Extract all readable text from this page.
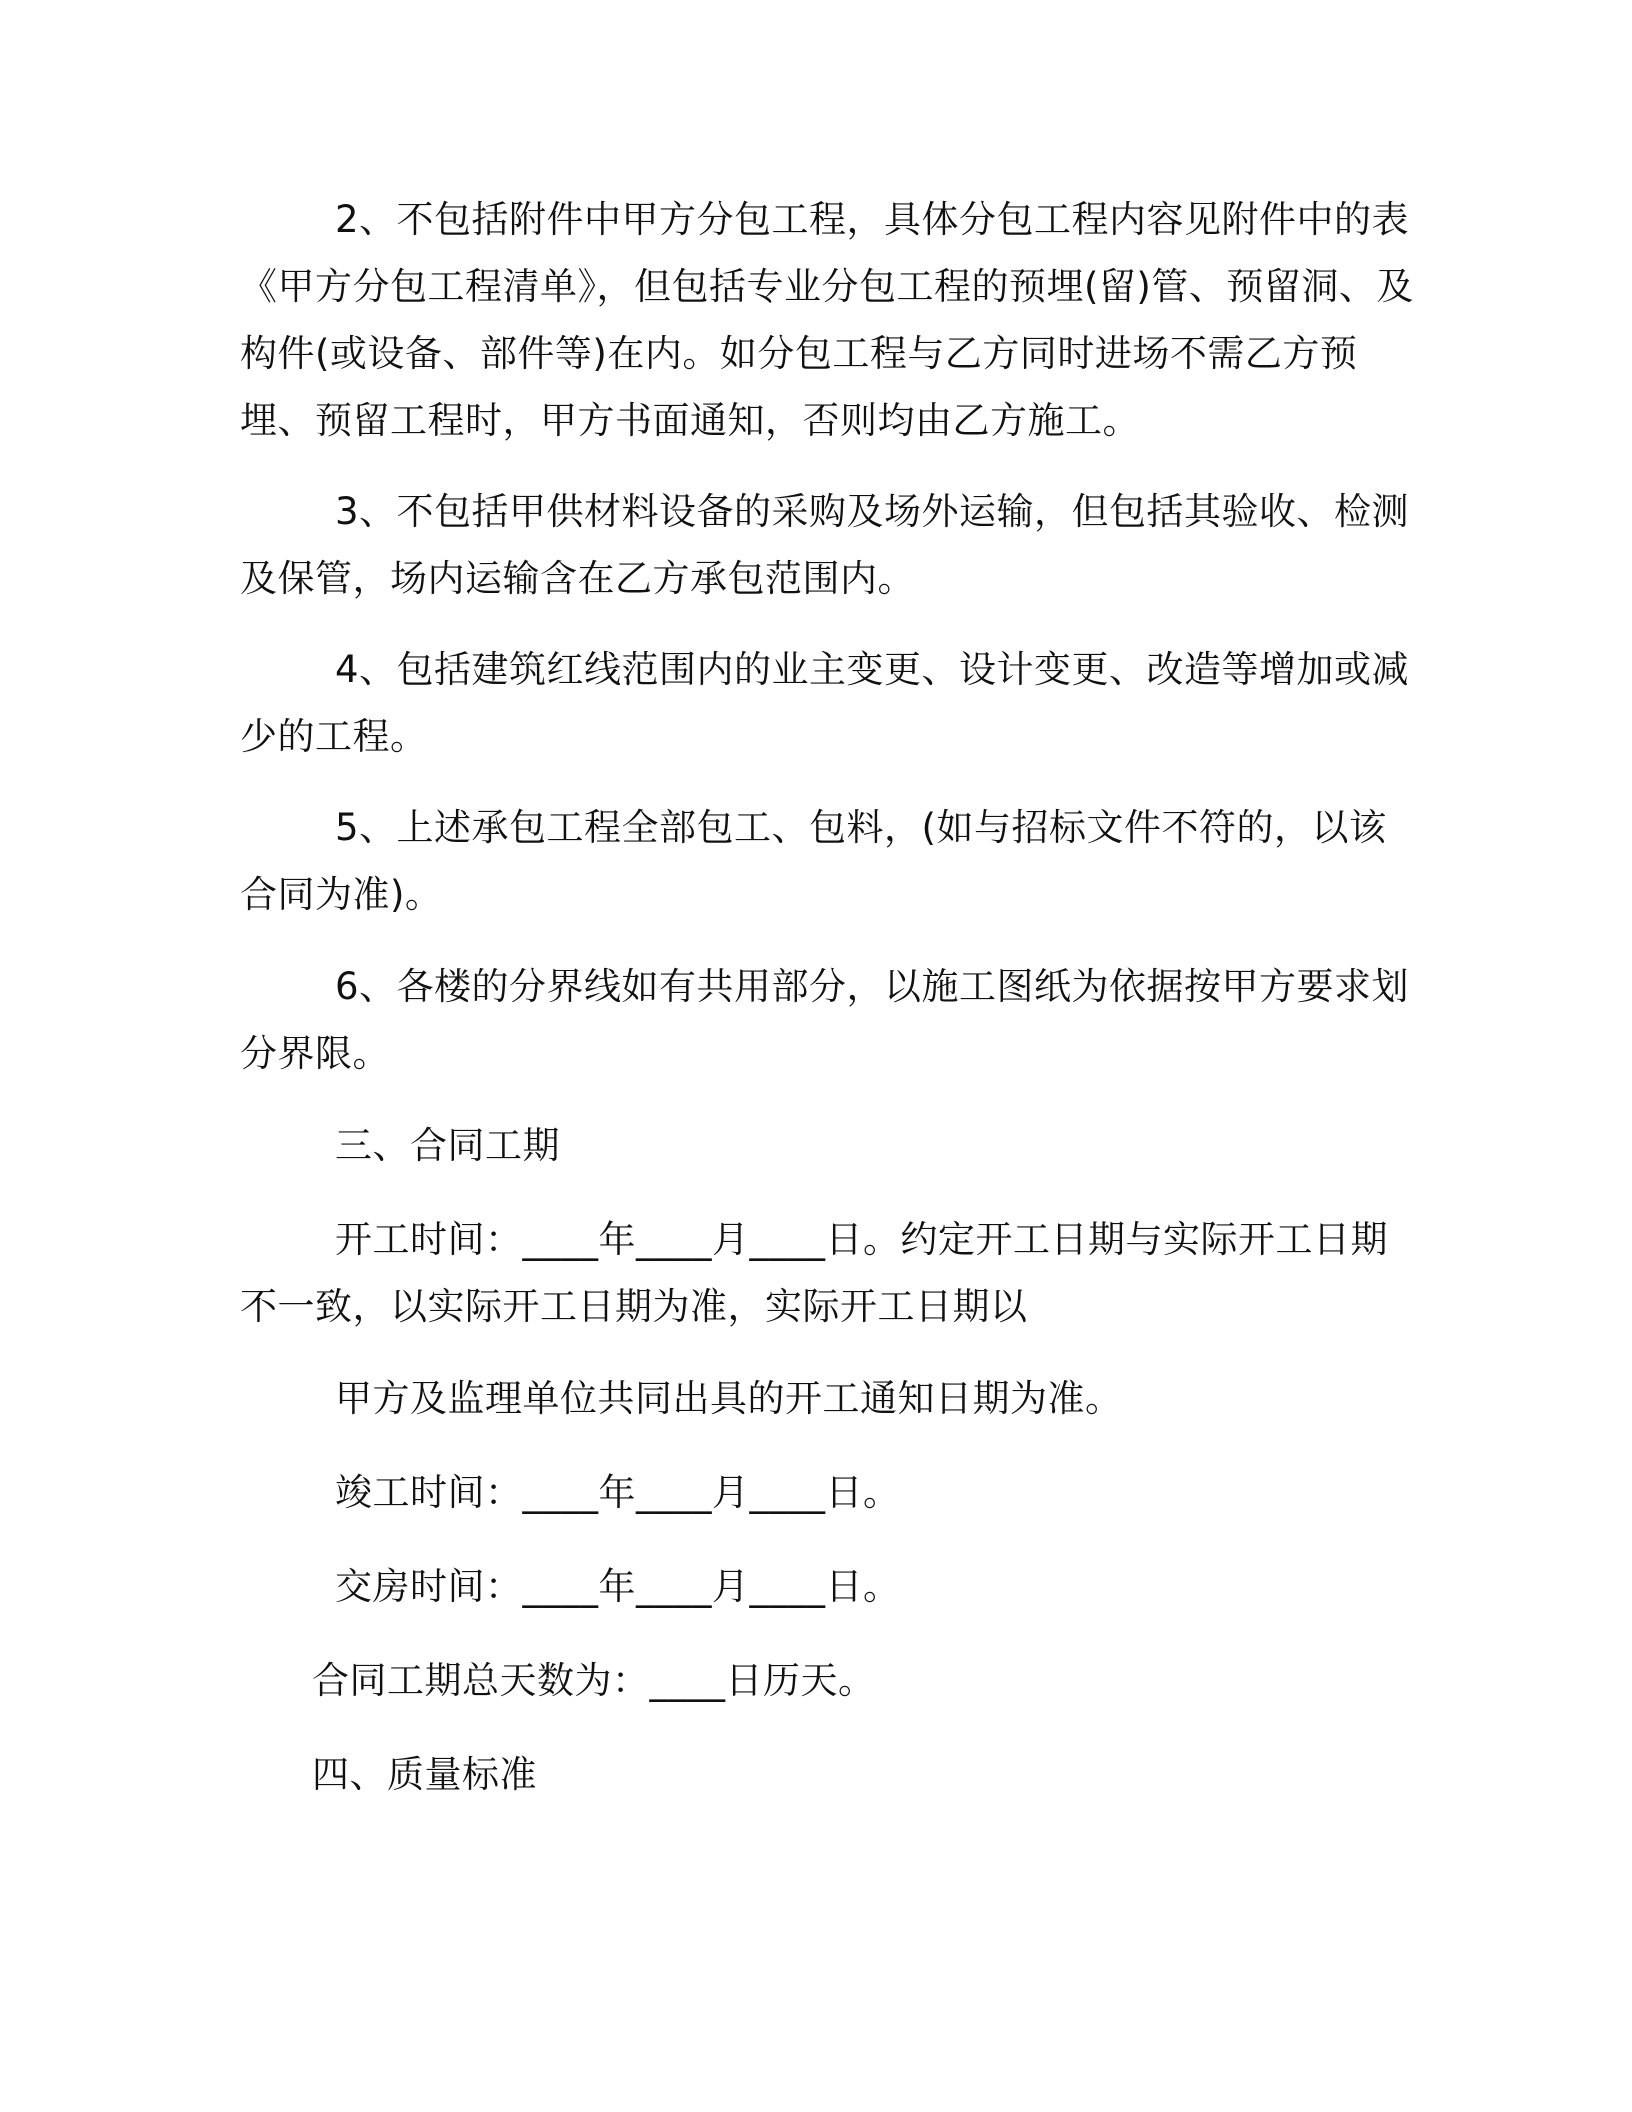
2、不包括附件中甲方分包工程，具体分包工程内容见附件中的表《甲方分包工程清单》，但包括专业分包工程的预埋(留)管、预留洞、及构件(或设备、部件等)在内。如分包工程与乙方同时进场不需乙方预埋、预留工程时，甲方书面通知，否则均由乙方施工。

3、不包括甲供材料设备的采购及场外运输，但包括其验收、检测及保管，场内运输含在乙方承包范围内。

4、包括建筑红线范围内的业主变更、设计变更、改造等增加或减少的工程。

5、上述承包工程全部包工、包料，(如与招标文件不符的，以该合同为准)。

6、各楼的分界线如有共用部分，以施工图纸为依据按甲方要求划分界限。

三、合同工期

开工时间：____年____月____日。约定开工日期与实际开工日期不一致，以实际开工日期为准，实际开工日期以

甲方及监理单位共同出具的开工通知日期为准。

竣工时间：____年____月____日。

交房时间：____年____月____日。

合同工期总天数为：____日历天。

四、质量标准
